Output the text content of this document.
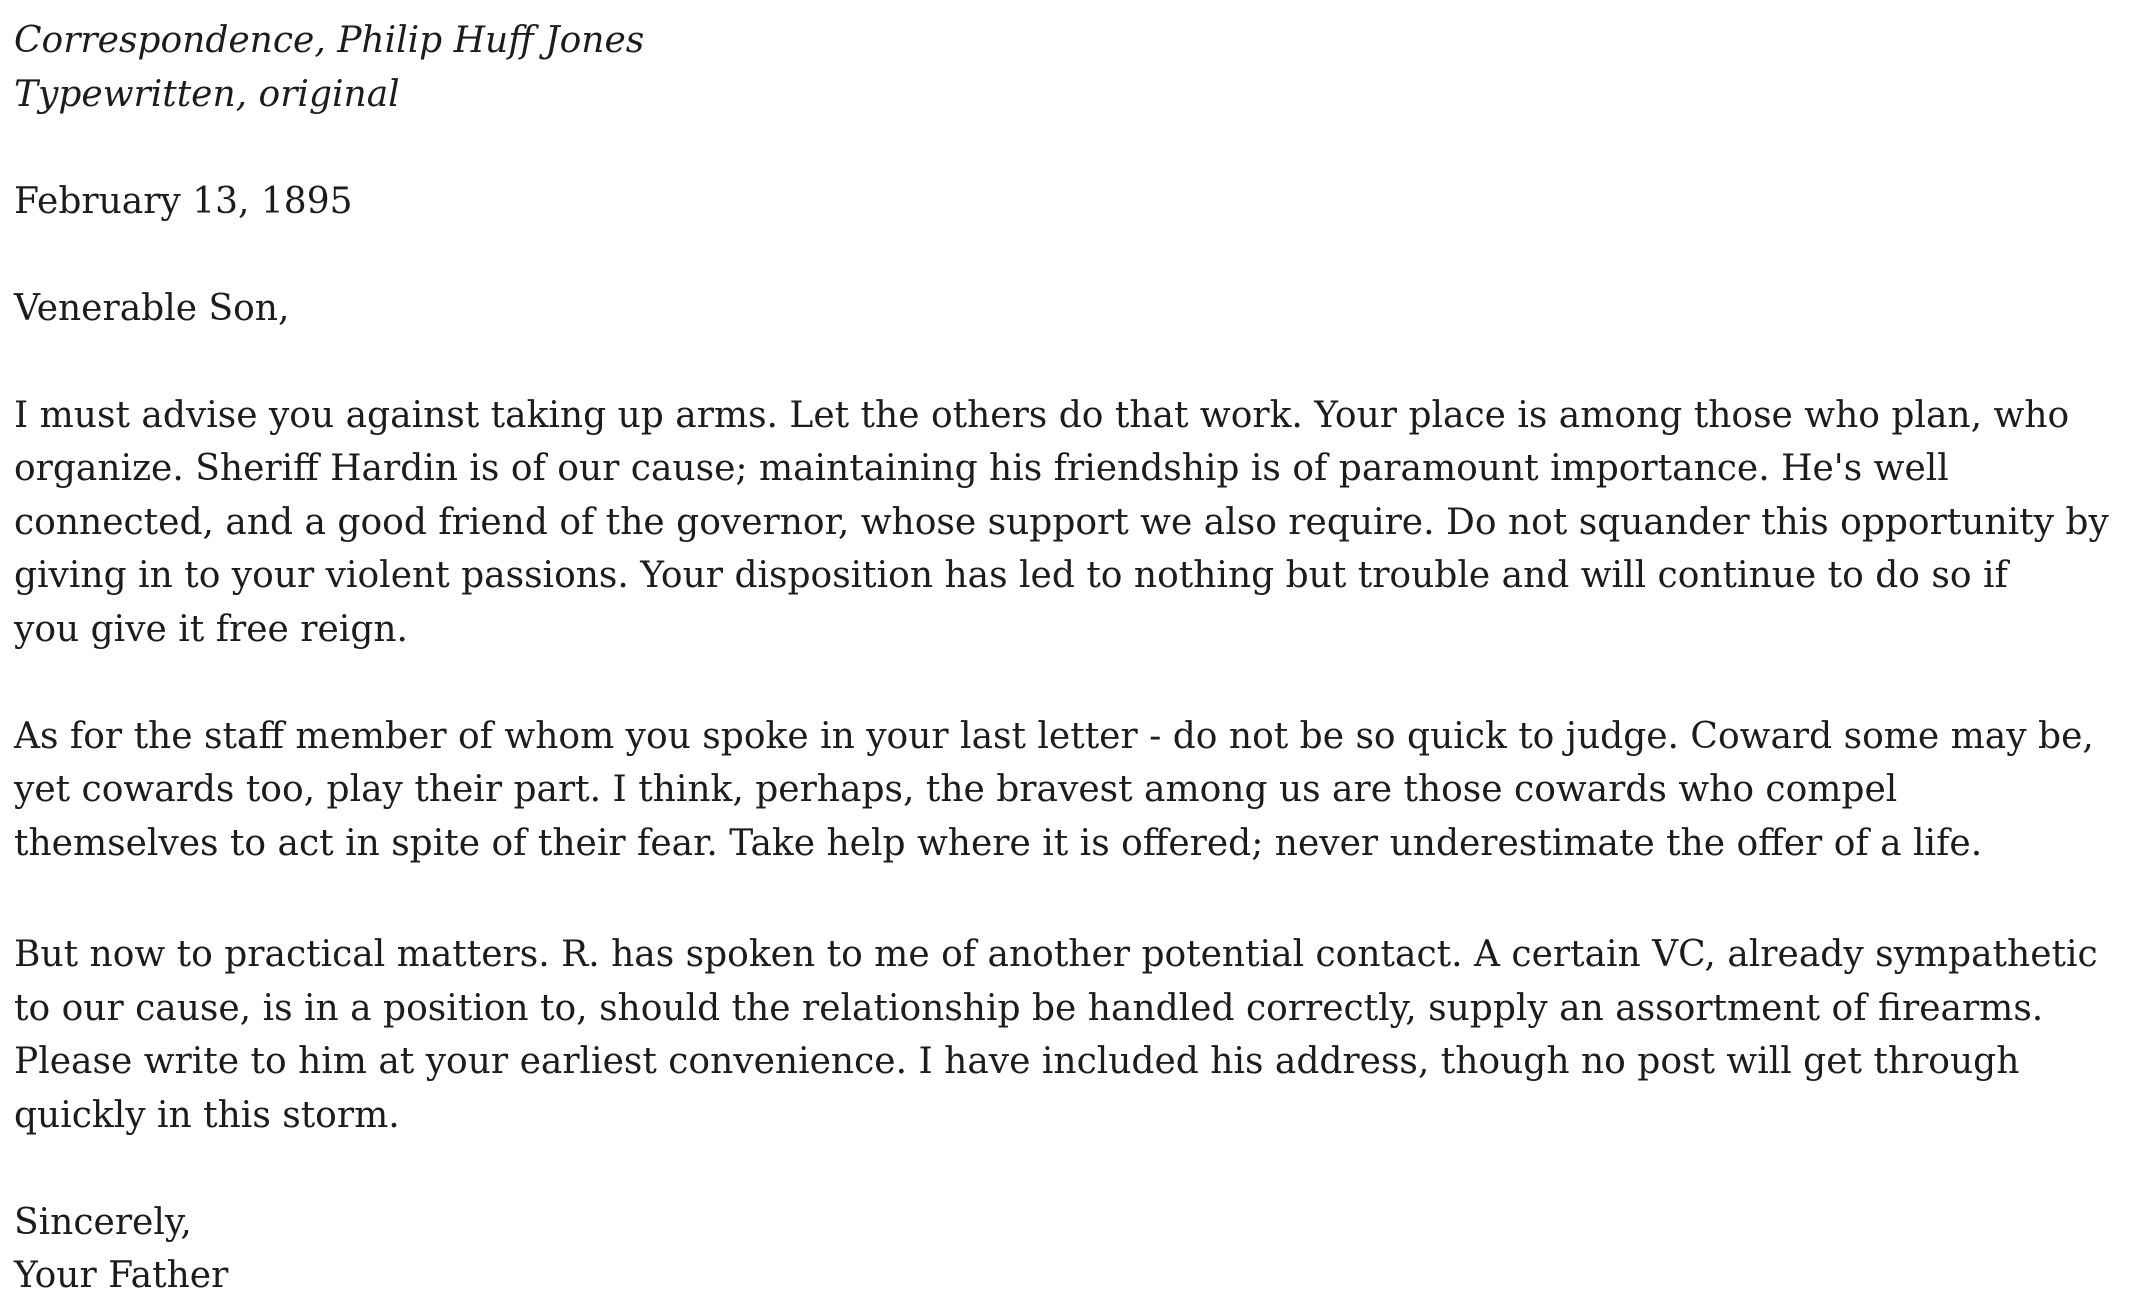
Correspondence, Philip Huff Jones
Typewritten, original
February 13, 1895
Venerable Son,
I must advise you against taking up arms. Let the others do that work. Your place is among those who plan, who
organize. Sheriff Hardin is of our cause; maintaining his friendship is of paramount importance. He's well
connected, and a good friend of the governor, whose support we also require. Do not squander this opportunity by
giving in to your violent passions. Your disposition has led to nothing but trouble and will continue to do so if
you give it free reign.
As for the staff member of whom you spoke in your last letter - do not be so quick to judge. Coward some may be,
yet cowards too, play their part. I think, perhaps, the bravest among us are those cowards who compel
themselves to act in spite of their fear. Take help where it is offered; never underestimate the offer of a life.
But now to practical matters. R. has spoken to me of another potential contact. A certain VC, already sympathetic
to our cause, is in a position to, should the relationship be handled correctly, supply an assortment of firearms.
Please write to him at your earliest convenience. I have included his address, though no post will get through
quickly in this storm.
Sincerely,
Your Father
